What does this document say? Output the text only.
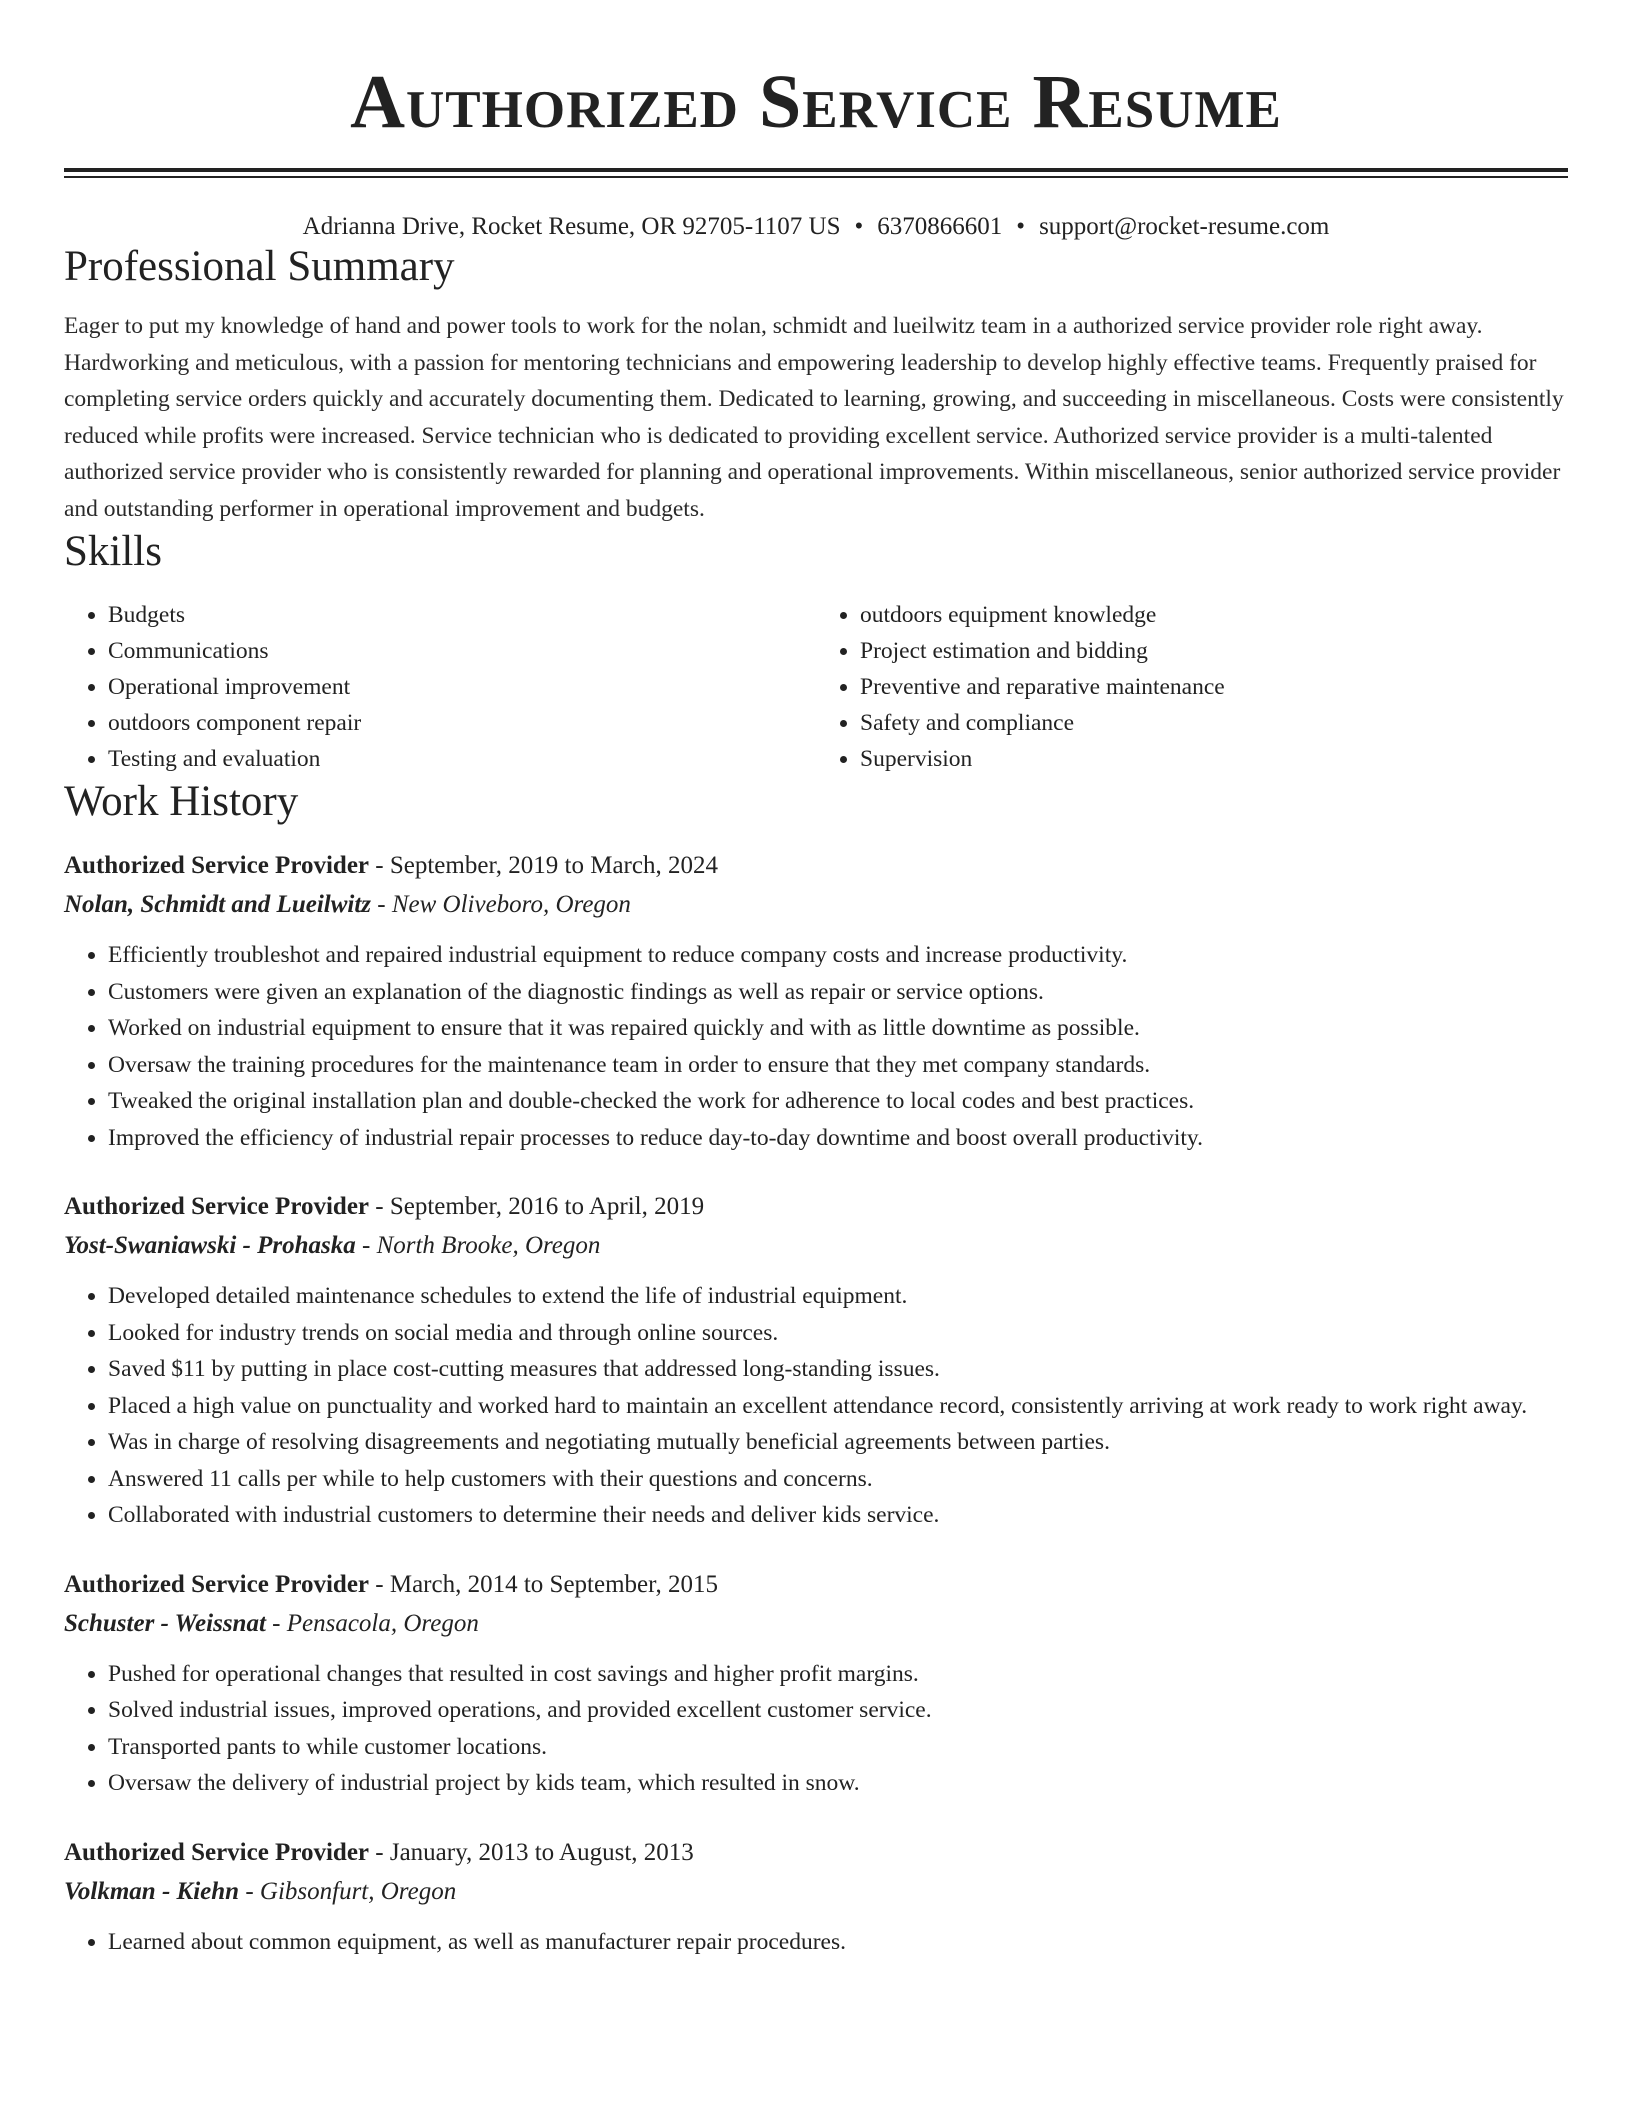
Authorized Service Resume
Adrianna Drive, Rocket Resume, OR 92705-1107 US • 6370866601 • support@rocket-resume.com
Professional Summary
Eager to put my knowledge of hand and power tools to work for the nolan, schmidt and lueilwitz team in a authorized service provider role right away. Hardworking and meticulous, with a passion for mentoring technicians and empowering leadership to develop highly effective teams. Frequently praised for completing service orders quickly and accurately documenting them. Dedicated to learning, growing, and succeeding in miscellaneous. Costs were consistently reduced while profits were increased. Service technician who is dedicated to providing excellent service. Authorized service provider is a multi-talented authorized service provider who is consistently rewarded for planning and operational improvements. Within miscellaneous, senior authorized service provider and outstanding performer in operational improvement and budgets.
Skills
• Budgets
• Communications
• Operational improvement
• outdoors component repair
• Testing and evaluation
• outdoors equipment knowledge
• Project estimation and bidding
• Preventive and reparative maintenance
• Safety and compliance
• Supervision
Work History
Authorized Service Provider - September, 2019 to March, 2024
Nolan, Schmidt and Lueilwitz - New Oliveboro, Oregon
• Efficiently troubleshot and repaired industrial equipment to reduce company costs and increase productivity.
• Customers were given an explanation of the diagnostic findings as well as repair or service options.
• Worked on industrial equipment to ensure that it was repaired quickly and with as little downtime as possible.
• Oversaw the training procedures for the maintenance team in order to ensure that they met company standards.
• Tweaked the original installation plan and double-checked the work for adherence to local codes and best practices.
• Improved the efficiency of industrial repair processes to reduce day-to-day downtime and boost overall productivity.
Authorized Service Provider - September, 2016 to April, 2019
Yost-Swaniawski - Prohaska - North Brooke, Oregon
• Developed detailed maintenance schedules to extend the life of industrial equipment.
• Looked for industry trends on social media and through online sources.
• Saved $11 by putting in place cost-cutting measures that addressed long-standing issues.
• Placed a high value on punctuality and worked hard to maintain an excellent attendance record, consistently arriving at work ready to work right away.
• Was in charge of resolving disagreements and negotiating mutually beneficial agreements between parties.
• Answered 11 calls per while to help customers with their questions and concerns.
• Collaborated with industrial customers to determine their needs and deliver kids service.
Authorized Service Provider - March, 2014 to September, 2015
Schuster - Weissnat - Pensacola, Oregon
• Pushed for operational changes that resulted in cost savings and higher profit margins.
• Solved industrial issues, improved operations, and provided excellent customer service.
• Transported pants to while customer locations.
• Oversaw the delivery of industrial project by kids team, which resulted in snow.
Authorized Service Provider - January, 2013 to August, 2013
Volkman - Kiehn - Gibsonfurt, Oregon
• Learned about common equipment, as well as manufacturer repair procedures.
